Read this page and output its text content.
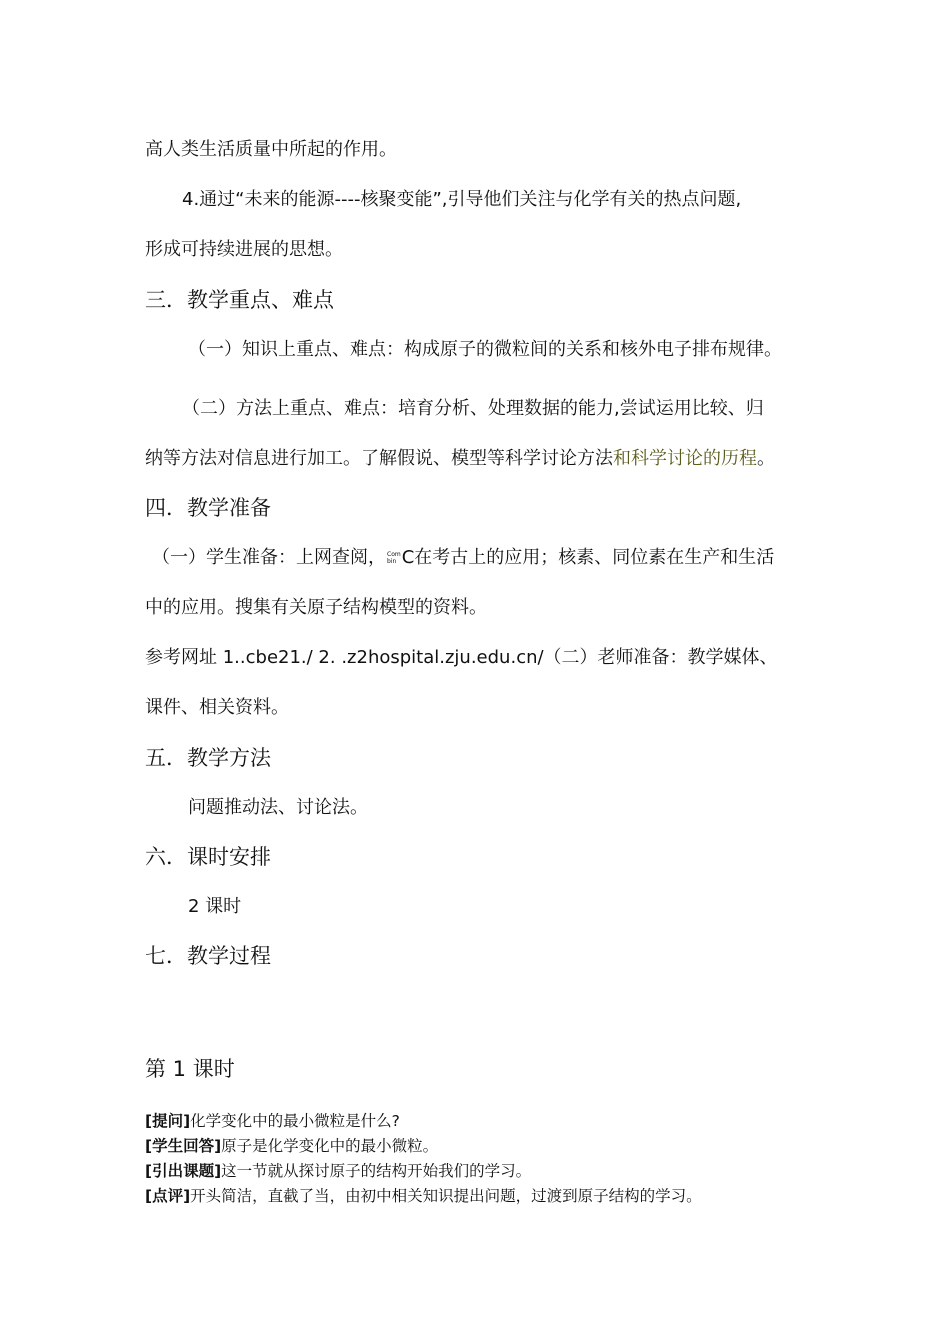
高人类生活质量中所起的作用。
4.通过“未来的能源----核聚变能”,引导他们关注与化学有关的热点问题,
形成可持续进展的思想。
三．教学重点、难点
（一）知识上重点、难点：构成原子的微粒间的关系和核外电子排布规律。
（二）方法上重点、难点：培育分析、处理数据的能力,尝试运用比较、归
纳等方法对信息进行加工。了解假说、模型等科学讨论方法和科学讨论的历程。
四．教学准备
（一）学生准备：上网查阅， Com
bin C在考古上的应用；核素、同位素在生产和生活
中的应用。搜集有关原子结构模型的资料。
参考网址 1..cbe21./ 2. .z2hospital.zju.edu.cn/（二）老师准备：教学媒体、
课件、相关资料。
五．教学方法
问题推动法、讨论法。
六．课时安排
2 课时
七．教学过程
第 1 课时
[提问]化学变化中的最小微粒是什么?
[学生回答]原子是化学变化中的最小微粒。
[引出课题]这一节就从探讨原子的结构开始我们的学习。
[点评]开头简洁，直截了当，由初中相关知识提出问题，过渡到原子结构的学习。
